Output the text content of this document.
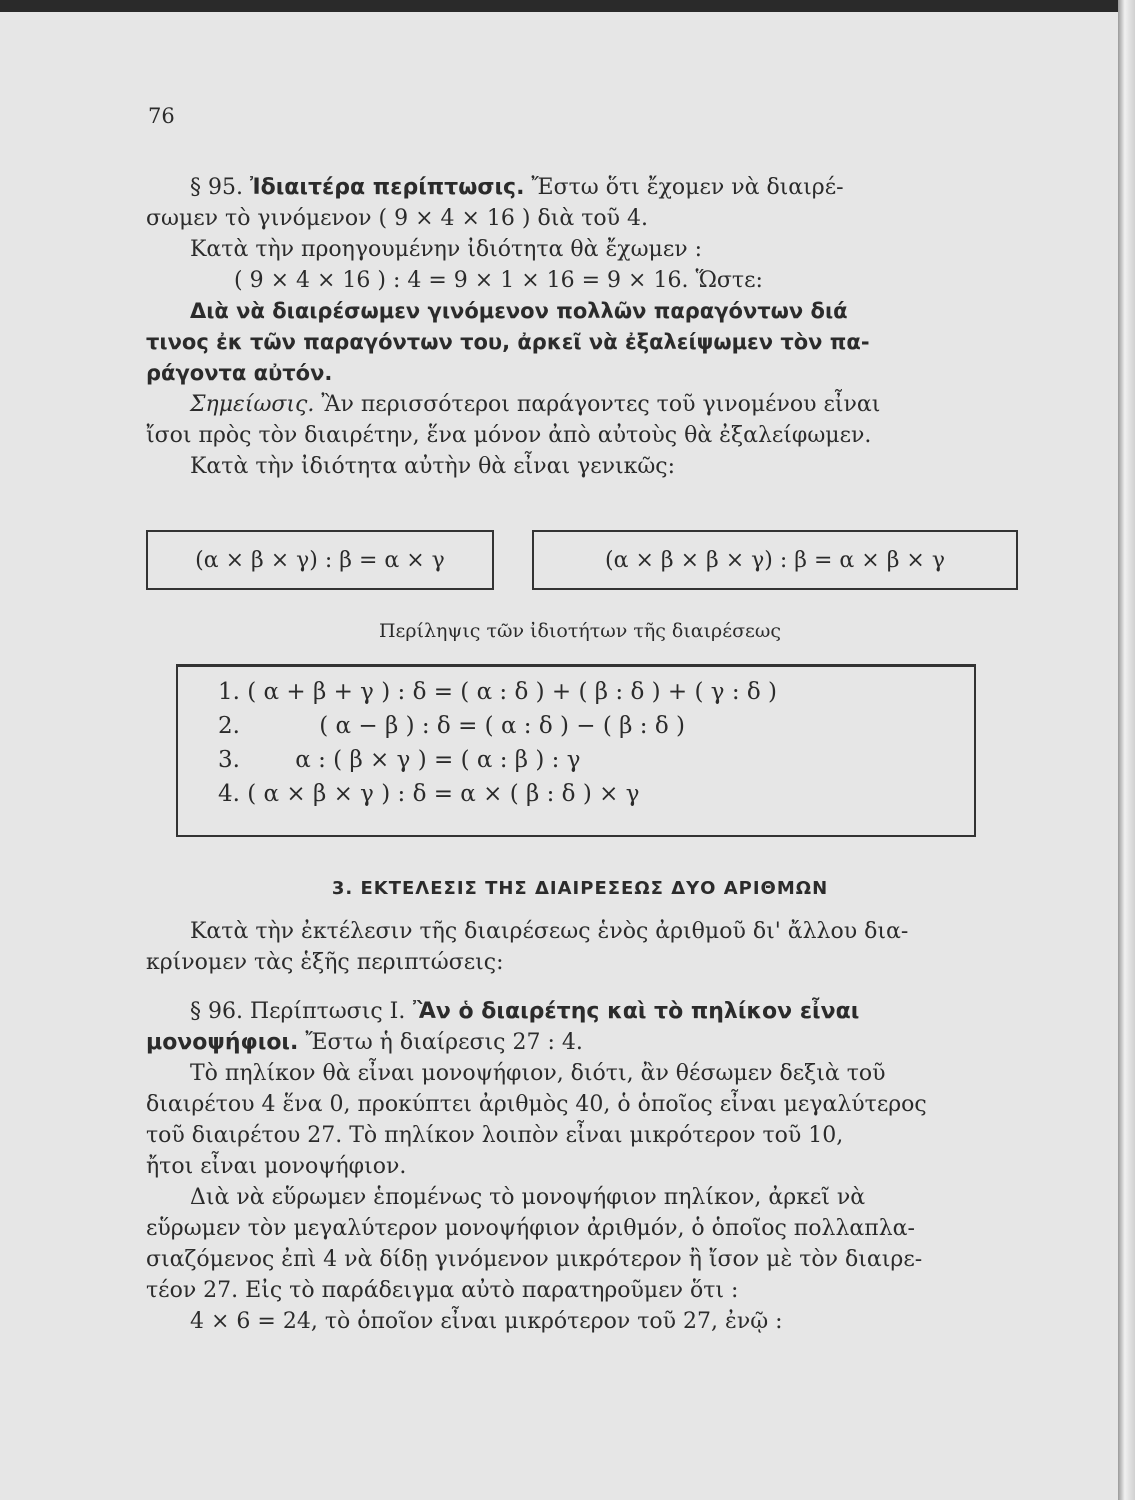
76
§ 95. Ἰδιαιτέρα περίπτωσις. Ἔστω ὅτι ἔχομεν νὰ διαιρέ-
σωμεν τὸ γινόμενον ( 9 × 4 × 16 ) διὰ τοῦ 4.
Κατὰ τὴν προηγουμένην ἰδιότητα θὰ ἔχωμεν :
( 9 × 4 × 16 ) : 4 = 9 × 1 × 16 = 9 × 16. Ὥστε:
Διὰ νὰ διαιρέσωμεν γινόμενον πολλῶν παραγόντων διά
τινος ἐκ τῶν παραγόντων του, ἀρκεῖ νὰ ἐξαλείψωμεν τὸν πα-
ράγοντα αὐτόν.
Σημείωσις. Ἂν περισσότεροι παράγοντες τοῦ γινομένου εἶναι
ἴσοι πρὸς τὸν διαιρέτην, ἕνα μόνον ἀπὸ αὐτοὺς θὰ ἐξαλείφωμεν.
Κατὰ τὴν ἰδιότητα αὐτὴν θὰ εἶναι γενικῶς:
(α × β × γ) : β = α × γ	(α × β × β × γ) : β = α × β × γ
Περίληψις τῶν ἰδιοτήτων τῆς διαιρέσεως
1. ( α + β + γ ) : δ = ( α : δ ) + ( β : δ ) + ( γ : δ )
2.	( α − β ) : δ = ( α : δ ) − ( β : δ )
3. α : ( β × γ ) = ( α : β ) : γ
4. ( α × β × γ ) : δ = α × ( β : δ ) × γ
3. ΕΚΤΕΛΕΣΙΣ ΤΗΣ ΔΙΑΙΡΕΣΕΩΣ ΔΥΟ ΑΡΙΘΜΩΝ
Κατὰ τὴν ἐκτέλεσιν τῆς διαιρέσεως ἑνὸς ἀριθμοῦ δι' ἄλλου δια-
κρίνομεν τὰς ἑξῆς περιπτώσεις:
§ 96. Περίπτωσις Ι. Ἂν ὁ διαιρέτης καὶ τὸ πηλίκον εἶναι
μονοψήφιοι. Ἔστω ἡ διαίρεσις 27 : 4.
Τὸ πηλίκον θὰ εἶναι μονοψήφιον, διότι, ἂν θέσωμεν δεξιὰ τοῦ
διαιρέτου 4 ἕνα 0, προκύπτει ἀριθμὸς 40, ὁ ὁποῖος εἶναι μεγαλύτερος
τοῦ διαιρέτου 27. Τὸ πηλίκον λοιπὸν εἶναι μικρότερον τοῦ 10,
ἤτοι εἶναι μονοψήφιον.
Διὰ νὰ εὕρωμεν ἑπομένως τὸ μονοψήφιον πηλίκον, ἀρκεῖ νὰ
εὕρωμεν τὸν μεγαλύτερον μονοψήφιον ἀριθμόν, ὁ ὁποῖος πολλαπλα-
σιαζόμενος ἐπὶ 4 νὰ δίδῃ γινόμενον μικρότερον ἢ ἴσον μὲ τὸν διαιρε-
τέον 27. Εἰς τὸ παράδειγμα αὐτὸ παρατηροῦμεν ὅτι :
4 × 6 = 24, τὸ ὁποῖον εἶναι μικρότερον τοῦ 27, ἐνῷ :
